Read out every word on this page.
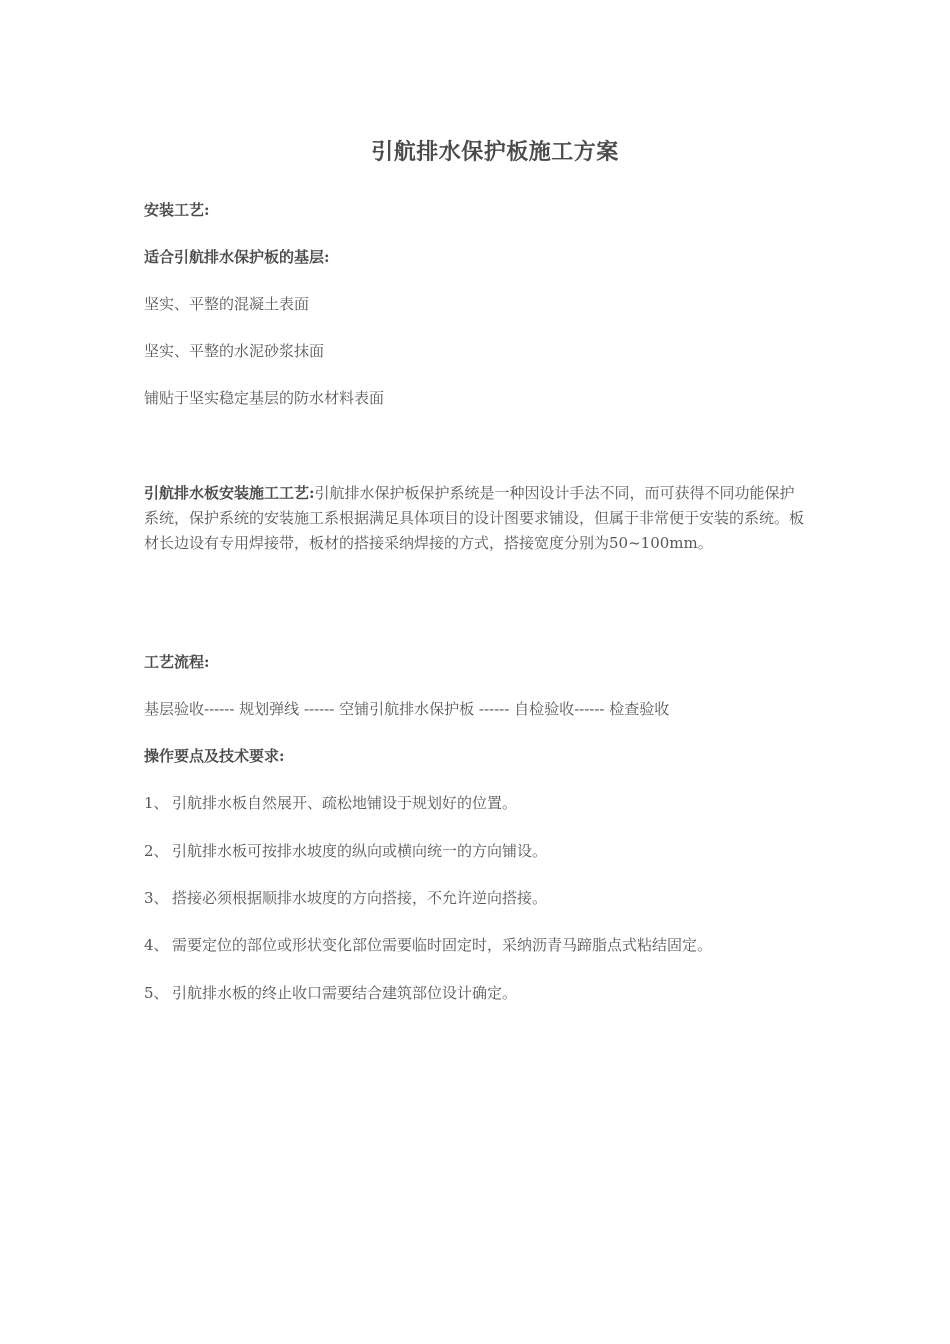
引航排水保护板施工方案
安装工艺:
适合引航排水保护板的基层:
坚实、平整的混凝土表面
坚实、平整的水泥砂浆抹面
铺贴于坚实稳定基层的防水材料表面
引航排水板安装施工工艺:引航排水保护板保护系统是一种因设计手法不同，而可获得不同功能保护系统，保护系统的安装施工系根据满足具体项目的设计图要求铺设，但属于非常便于安装的系统。板材长边设有专用焊接带，板材的搭接采纳焊接的方式，搭接宽度分别为50~100mm。
工艺流程:
基层验收------ 规划弹线 ------ 空铺引航排水保护板 ------ 自检验收------ 检查验收
操作要点及技术要求:
1、 引航排水板自然展开、疏松地铺设于规划好的位置。
2、 引航排水板可按排水坡度的纵向或横向统一的方向铺设。
3、 搭接必须根据顺排水坡度的方向搭接，不允许逆向搭接。
4、 需要定位的部位或形状变化部位需要临时固定时，采纳沥青马蹄脂点式粘结固定。
5、 引航排水板的终止收口需要结合建筑部位设计确定。
